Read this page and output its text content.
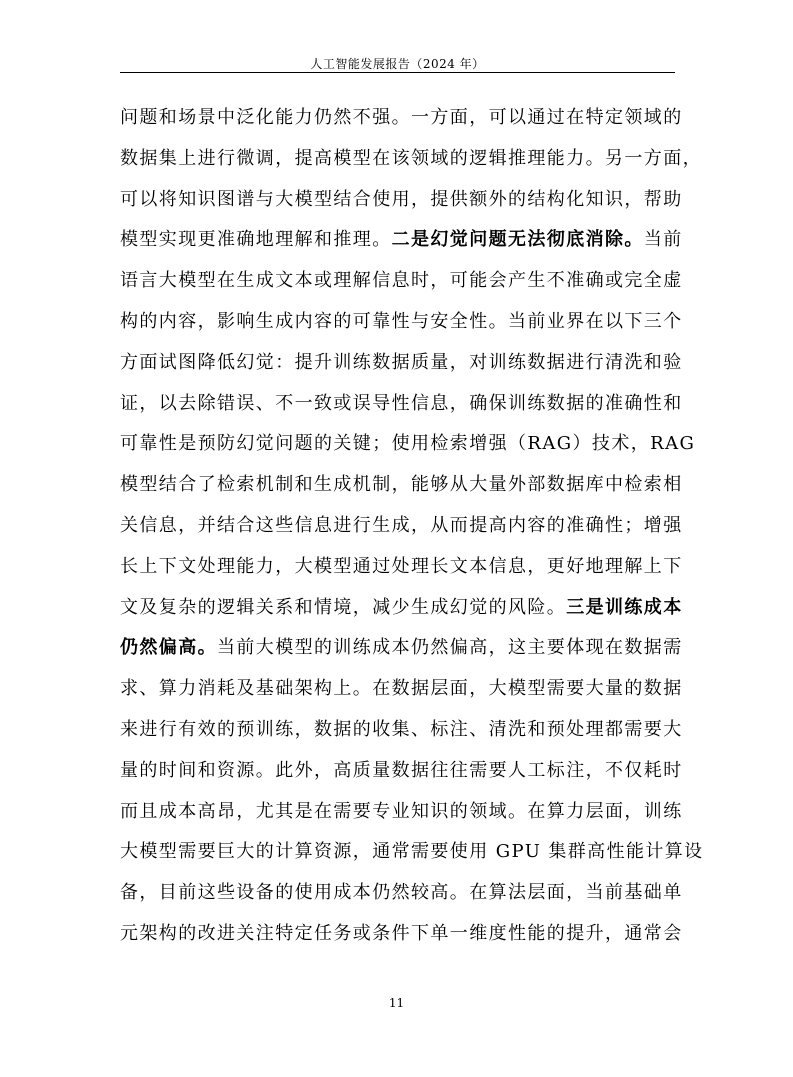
人工智能发展报告（2024 年）
问题和场景中泛化能力仍然不强。一方面，可以通过在特定领域的
数据集上进行微调，提高模型在该领域的逻辑推理能力。另一方面，
可以将知识图谱与大模型结合使用，提供额外的结构化知识，帮助
模型实现更准确地理解和推理。二是幻觉问题无法彻底消除。当前
语言大模型在生成文本或理解信息时，可能会产生不准确或完全虚
构的内容，影响生成内容的可靠性与安全性。当前业界在以下三个
方面试图降低幻觉：提升训练数据质量，对训练数据进行清洗和验
证，以去除错误、不一致或误导性信息，确保训练数据的准确性和
可靠性是预防幻觉问题的关键；使用检索增强（RAG）技术，RAG
模型结合了检索机制和生成机制，能够从大量外部数据库中检索相
关信息，并结合这些信息进行生成，从而提高内容的准确性；增强
长上下文处理能力，大模型通过处理长文本信息，更好地理解上下
文及复杂的逻辑关系和情境，减少生成幻觉的风险。三是训练成本
仍然偏高。当前大模型的训练成本仍然偏高，这主要体现在数据需
求、算力消耗及基础架构上。在数据层面，大模型需要大量的数据
来进行有效的预训练，数据的收集、标注、清洗和预处理都需要大
量的时间和资源。此外，高质量数据往往需要人工标注，不仅耗时
而且成本高昂，尤其是在需要专业知识的领域。在算力层面，训练
大模型需要巨大的计算资源，通常需要使用 GPU 集群高性能计算设
备，目前这些设备的使用成本仍然较高。在算法层面，当前基础单
元架构的改进关注特定任务或条件下单一维度性能的提升，通常会
11
